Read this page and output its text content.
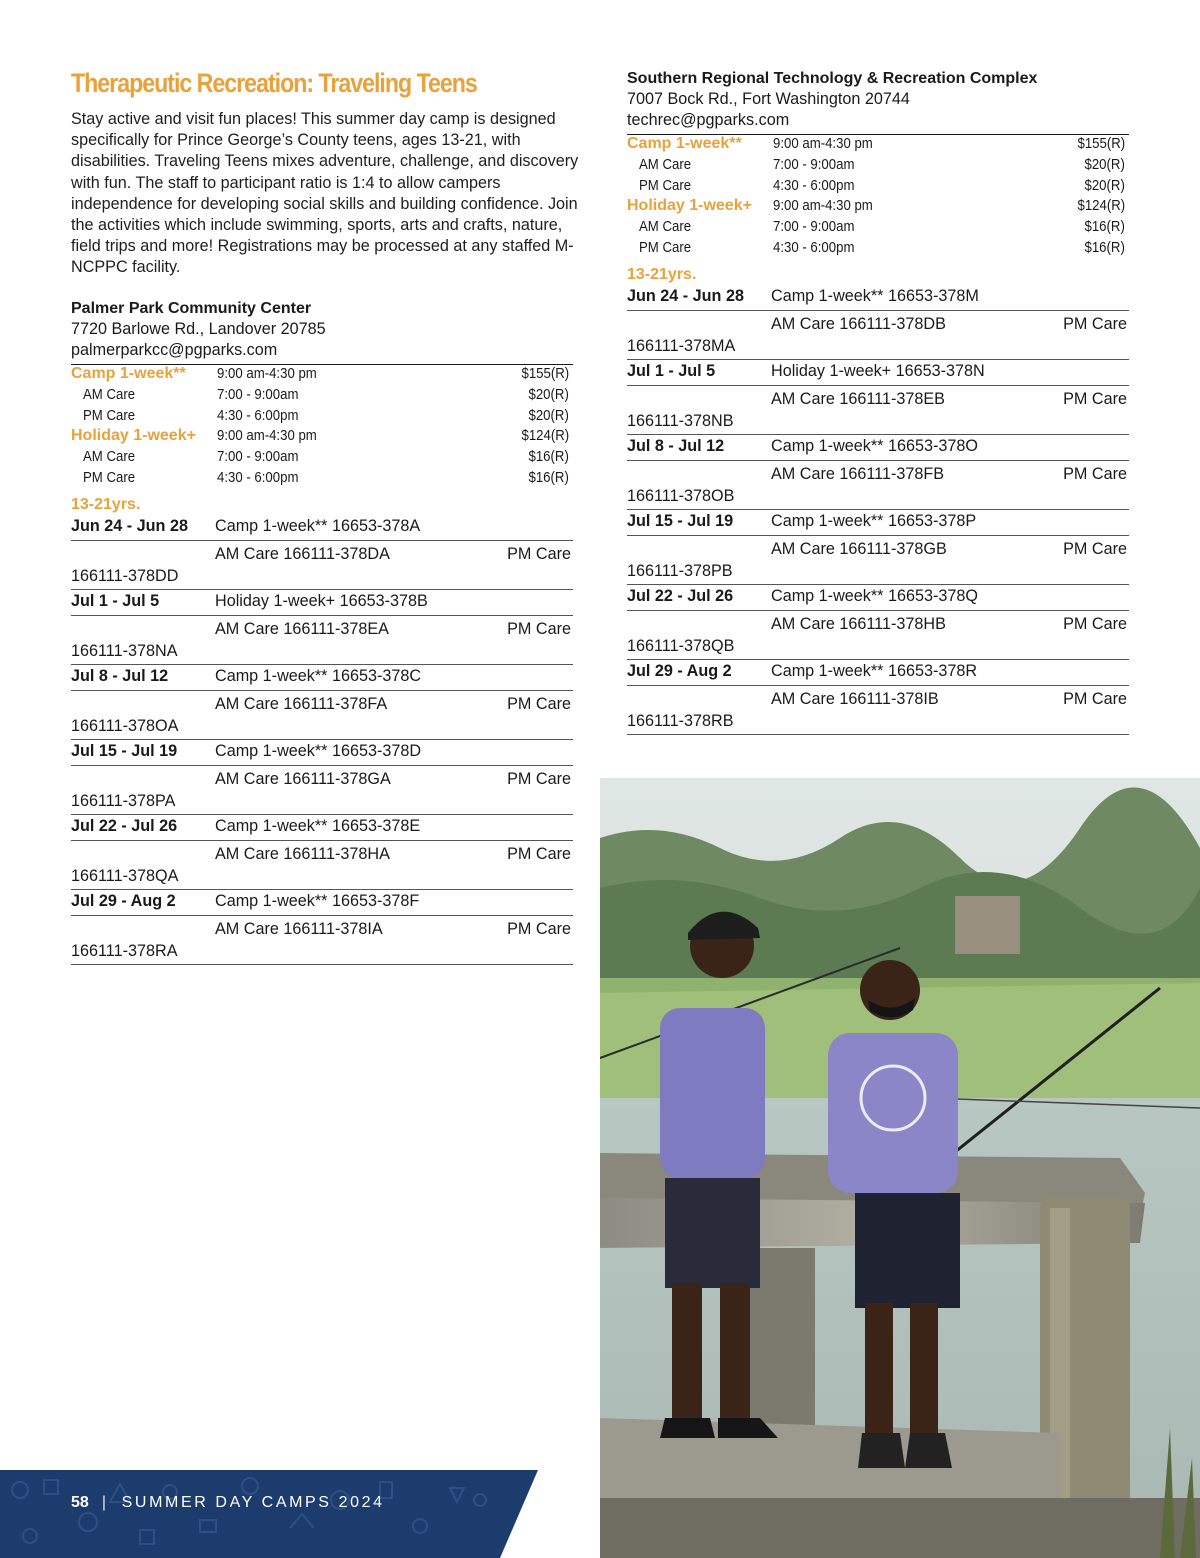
Therapeutic Recreation: Traveling Teens

Stay active and visit fun places! This summer day camp is designed specifically for Prince George’s County teens, ages 13-21, with disabilities. Traveling Teens mixes adventure, challenge, and discovery with fun. The staff to participant ratio is 1:4 to allow campers independence for developing social skills and building confidence. Join the activities which include swimming, sports, arts and crafts, nature, field trips and more! Registrations may be processed at any staffed M-NCPPC facility.

Palmer Park Community Center
7720 Barlowe Rd., Landover 20785
palmerparkcc@pgparks.com
Camp 1-week** 9:00 am-4:30 pm	$155(R)
AM Care	7:00 - 9:00am	$20(R)
PM Care	4:30 - 6:00pm	$20(R)
Holiday 1-week+ 9:00 am-4:30 pm	$124(R)
AM Care	7:00 - 9:00am	$16(R)
PM Care	4:30 - 6:00pm	$16(R)
13-21yrs.
Jun 24 - Jun 28 Camp 1-week** 16653-378A
AM Care 166111-378DA	PM Care
166111-378DD
Jul 1 - Jul 5	Holiday 1-week+ 16653-378B
AM Care 166111-378EA	PM Care
166111-378NA
Jul 8 - Jul 12	Camp 1-week** 16653-378C
AM Care 166111-378FA	PM Care
166111-378OA
Jul 15 - Jul 19 Camp 1-week** 16653-378D
AM Care 166111-378GA	PM Care
166111-378PA
Jul 22 - Jul 26 Camp 1-week** 16653-378E
AM Care 166111-378HA	PM Care
166111-378QA
Jul 29 - Aug 2 Camp 1-week** 16653-378F
AM Care 166111-378IA	PM Care
166111-378RA
Southern Regional Technology & Recreation Complex
7007 Bock Rd., Fort Washington 20744
techrec@pgparks.com
Camp 1-week** 9:00 am-4:30 pm	$155(R)
AM Care	7:00 - 9:00am	$20(R)
PM Care	4:30 - 6:00pm	$20(R)
Holiday 1-week+ 9:00 am-4:30 pm	$124(R)
AM Care	7:00 - 9:00am	$16(R)
PM Care	4:30 - 6:00pm	$16(R)
13-21yrs.
Jun 24 - Jun 28 Camp 1-week** 16653-378M
AM Care 166111-378DB	PM Care
166111-378MA
Jul 1 - Jul 5	Holiday 1-week+ 16653-378N
AM Care 166111-378EB	PM Care
166111-378NB
Jul 8 - Jul 12	Camp 1-week** 16653-378O
AM Care 166111-378FB	PM Care
166111-378OB
Jul 15 - Jul 19 Camp 1-week** 16653-378P
AM Care 166111-378GB	PM Care
166111-378PB
Jul 22 - Jul 26 Camp 1-week** 16653-378Q
AM Care 166111-378HB	PM Care
166111-378QB
Jul 29 - Aug 2 Camp 1-week** 16653-378R
AM Care 166111-378IB	PM Care
166111-378RB
58 | SUMMER DAY CAMPS 2024
